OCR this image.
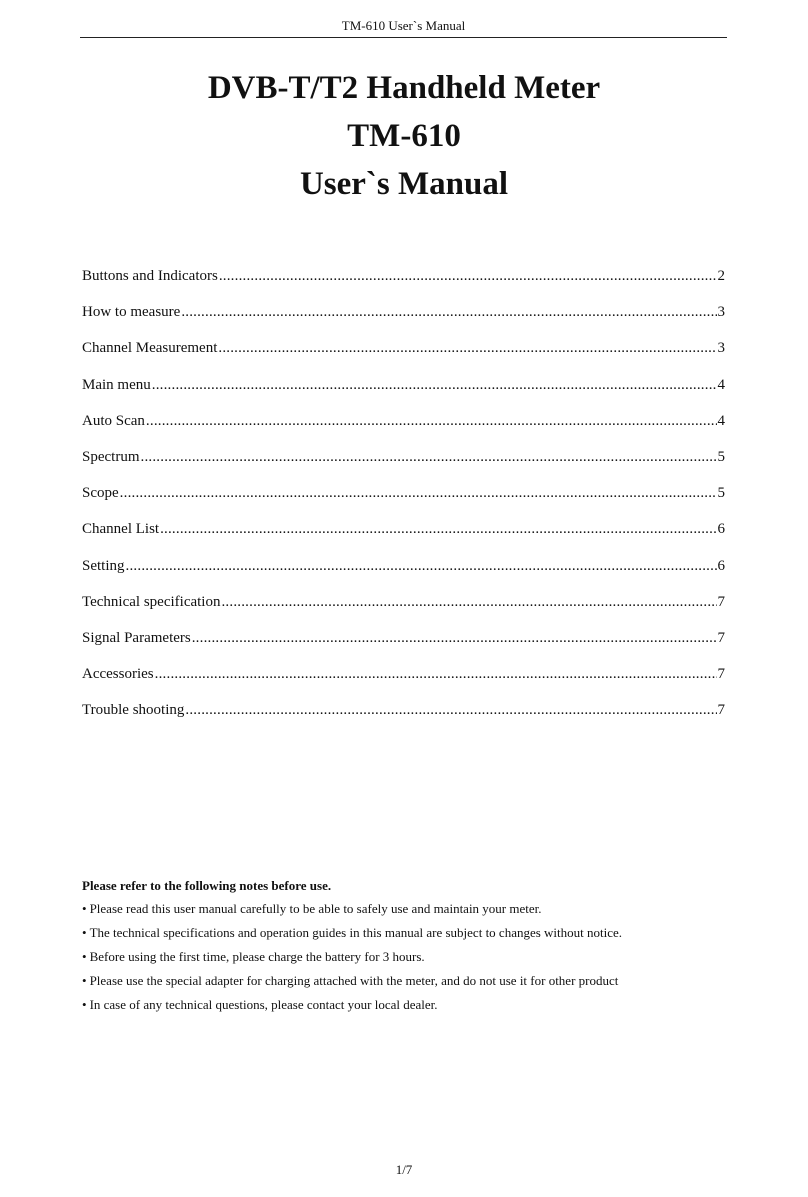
TM-610 User`s Manual
DVB-T/T2 Handheld Meter
TM-610
User`s Manual
Buttons and Indicators .....	2
How to measure .....	3
Channel Measurement .....	3
Main menu .....	4
Auto Scan .....	4
Spectrum .....	5
Scope .....	5
Channel List .....	6
Setting .....	6
Technical specification .....	7
Signal Parameters .....	7
Accessories .....	7
Trouble shooting .....	7
Please refer to the following notes before use.
• Please read this user manual carefully to be able to safely use and maintain your meter.
• The technical specifications and operation guides in this manual are subject to changes without notice.
• Before using the first time, please charge the battery for 3 hours.
• Please use the special adapter for charging attached with the meter, and do not use it for other product
• In case of any technical questions, please contact your local dealer.
1/7
